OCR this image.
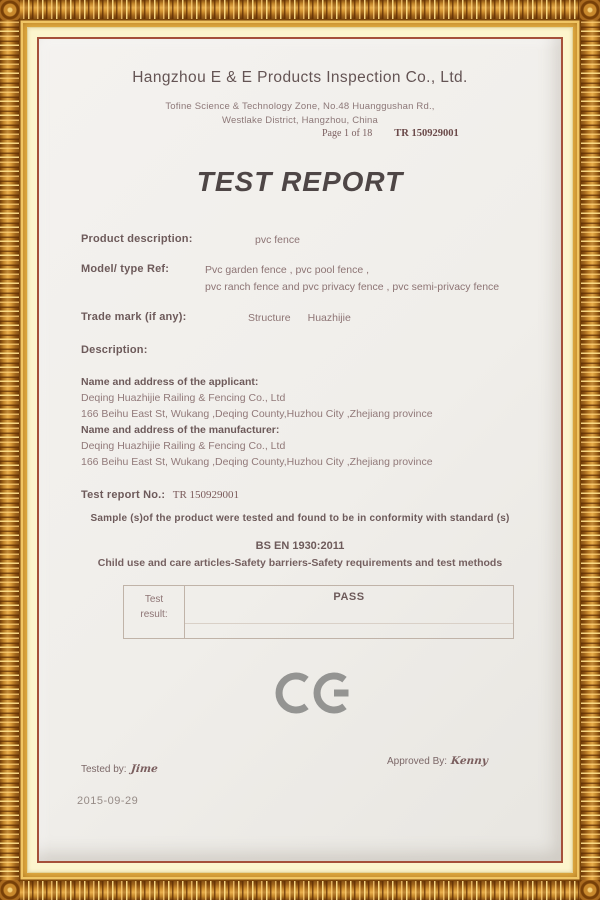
Hangzhou E & E Products Inspection Co., Ltd.
Tofine Science & Technology Zone, No.48 Huanggushan Rd.,
Westlake District, Hangzhou, China
Page 1 of 18 TR 150929001
TEST REPORT
Product description:	pvc fence
Model/ type Ref:	Pvc garden fence , pvc pool fence ,
pvc ranch fence and pvc privacy fence , pvc semi-privacy fence
Trade mark (if any):	Structure Huazhijie
Description:
Name and address of the applicant:
Deqing Huazhijie Railing & Fencing Co., Ltd
166 Beihu East St, Wukang ,Deqing County,Huzhou City ,Zhejiang province
Name and address of the manufacturer:
Deqing Huazhijie Railing & Fencing Co., Ltd
166 Beihu East St, Wukang ,Deqing County,Huzhou City ,Zhejiang province
Test report No.: TR 150929001
Sample (s)of the product were tested and found to be in conformity with standard (s)
BS EN 1930:2011
Child use and care articles-Safety barriers-Safety requirements and test methods
Test
result:
PASS
Tested by: Jime
Approved By: Kenny
2015-09-29
